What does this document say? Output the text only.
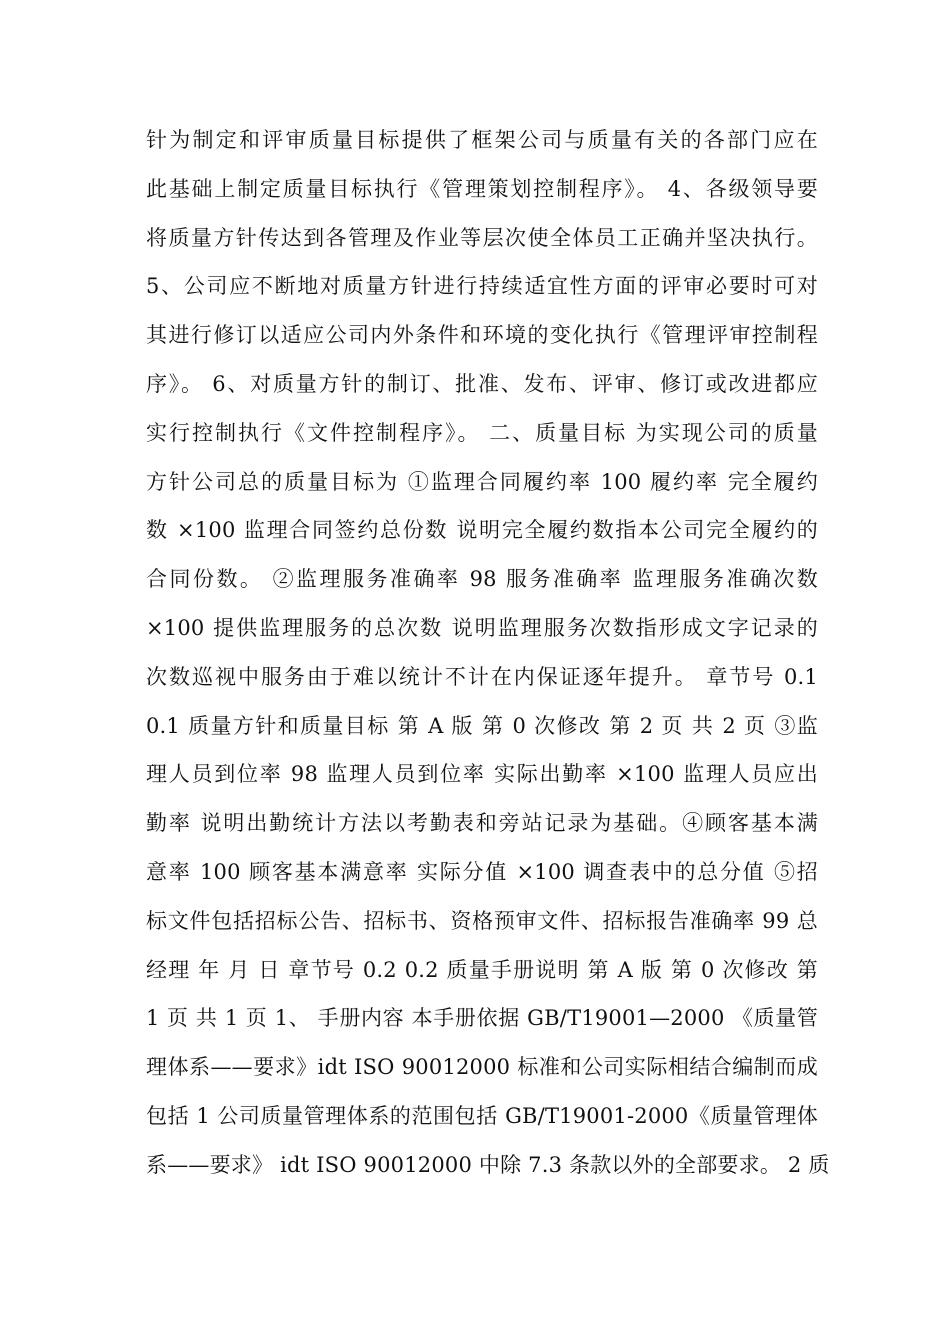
针为制定和评审质量目标提供了框架公司与质量有关的各部门应在
此基础上制定质量目标执行《管理策划控制程序》。 4、各级领导要
将质量方针传达到各管理及作业等层次使全体员工正确并坚决执行。
5、公司应不断地对质量方针进行持续适宜性方面的评审必要时可对
其进行修订以适应公司内外条件和环境的变化执行《管理评审控制程
序》。 6、对质量方针的制订、批准、发布、评审、修订或改进都应
实行控制执行《文件控制程序》。 二、质量目标 为实现公司的质量
方针公司总的质量目标为 ①监理合同履约率 100 履约率 完全履约
数 ×100 监理合同签约总份数 说明完全履约数指本公司完全履约的
合同份数。 ②监理服务准确率 98 服务准确率 监理服务准确次数
×100 提供监理服务的总次数 说明监理服务次数指形成文字记录的
次数巡视中服务由于难以统计不计在内保证逐年提升。 章节号 0.1
0.1 质量方针和质量目标 第 A 版 第 0 次修改 第 2 页 共 2 页 ③监
理人员到位率 98 监理人员到位率 实际出勤率 ×100 监理人员应出
勤率 说明出勤统计方法以考勤表和旁站记录为基础。④顾客基本满
意率 100 顾客基本满意率 实际分值 ×100 调查表中的总分值 ⑤招
标文件包括招标公告、招标书、资格预审文件、招标报告准确率 99 总
经理 年 月 日 章节号 0.2 0.2 质量手册说明 第 A 版 第 0 次修改 第
1 页 共 1 页 1、 手册内容 本手册依据 GB/T19001—2000 《质量管
理体系——要求》idt ISO 90012000 标准和公司实际相结合编制而成
包括 1 公司质量管理体系的范围包括 GB/T19001-2000《质量管理体
系——要求》 idt ISO 90012000 中除 7.3 条款以外的全部要求。 2 质
